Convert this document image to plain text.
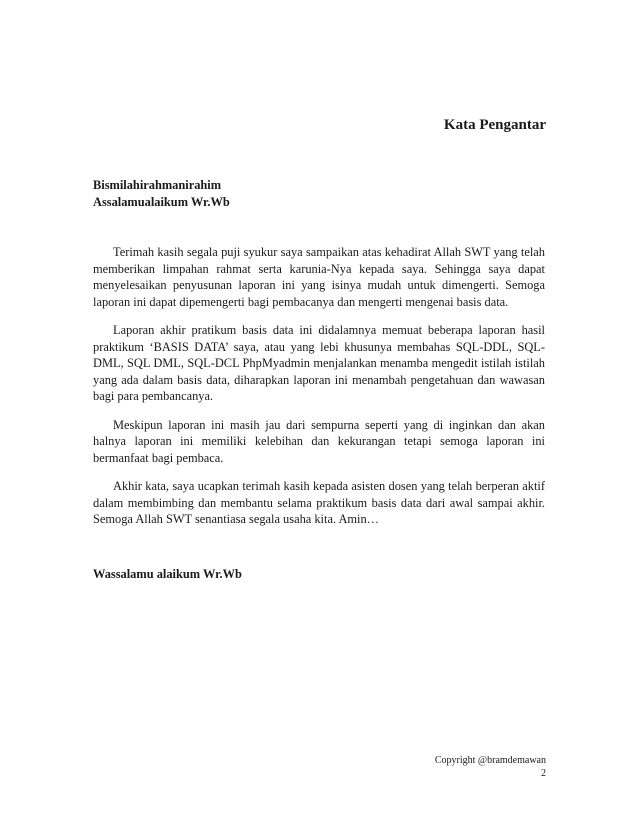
Kata Pengantar

Bismilahirahmanirahim

Assalamualaikum Wr.Wb

Terimah kasih segala puji syukur saya sampaikan atas kehadirat Allah SWT yang telah memberikan limpahan rahmat serta karunia-Nya kepada saya. Sehingga saya dapat menyelesaikan penyusunan laporan ini yang isinya mudah untuk dimengerti. Semoga laporan ini dapat dipemengerti bagi pembacanya dan mengerti mengenai basis data.

Laporan akhir pratikum basis data ini didalamnya memuat beberapa laporan hasil praktikum ‘BASIS DATA’ saya, atau yang lebi khusunya membahas SQL-DDL, SQL-DML, SQL DML, SQL-DCL PhpMyadmin menjalankan menamba mengedit istilah istilah yang ada dalam basis data, diharapkan laporan ini menambah pengetahuan dan wawasan bagi para pembancanya.

Meskipun laporan ini masih jau dari sempurna seperti yang di inginkan dan akan halnya laporan ini memiliki kelebihan dan kekurangan tetapi semoga laporan ini bermanfaat bagi pembaca.

Akhir kata, saya ucapkan terimah kasih kepada asisten dosen yang telah berperan aktif dalam membimbing dan membantu selama praktikum basis data dari awal sampai akhir. Semoga Allah SWT senantiasa segala usaha kita. Amin…

Wassalamu alaikum Wr.Wb

Copyright @bramdemawan
2
